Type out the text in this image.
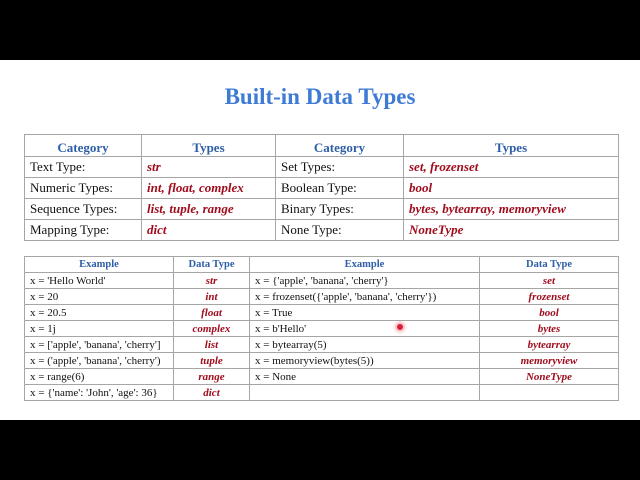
Built-in Data Types
Category	Types	Category	Types
Text Type:	str	Set Types:	set, frozenset
Numeric Types:	int, float, complex	Boolean Type:	bool
Sequence Types:	list, tuple, range	Binary Types:	bytes, bytearray, memoryview
Mapping Type:	dict	None Type:	NoneType
Example	Data Type	Example	Data Type
x = 'Hello World'	str	x = {'apple', 'banana', 'cherry'}	set
x = 20	int	x = frozenset({'apple', 'banana', 'cherry'})	frozenset
x = 20.5	float	x = True	bool
x = 1j	complex	x = b'Hello'	bytes
x = ['apple', 'banana', 'cherry']	list	x = bytearray(5)	bytearray
x = ('apple', 'banana', 'cherry')	tuple	x = memoryview(bytes(5))	memoryview
x = range(6)	range	x = None	NoneType
x = {'name': 'John', 'age': 36}	dict		
